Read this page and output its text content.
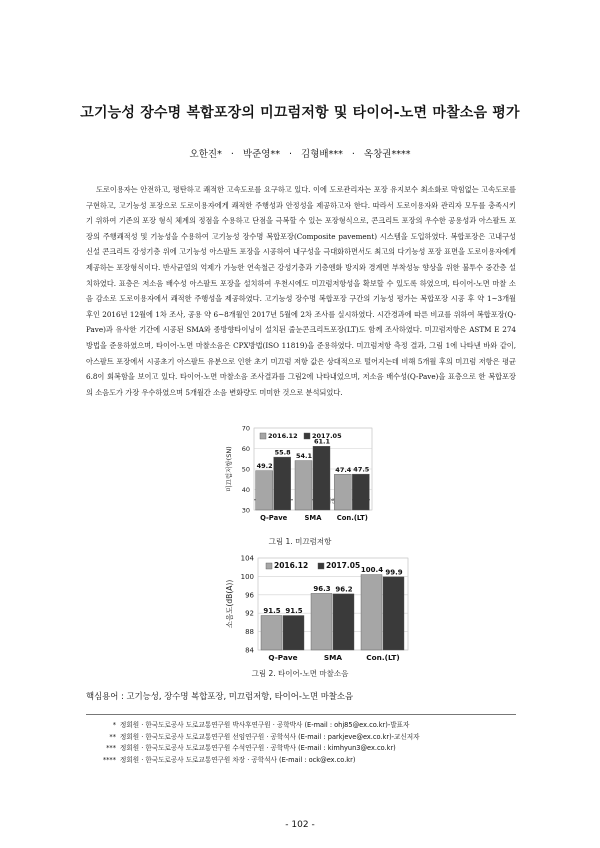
고기능성 장수명 복합포장의 미끄럼저항 및 타이어-노면 마찰소음 평가
오한진* · 박준영** · 김형배*** · 옥창권****
도로이용자는 안전하고, 평탄하고 쾌적한 고속도로를 요구하고 있다. 이에 도로관리자는 포장 유지보수 최소화로 막힘없는 고속도로를 구현하고, 고기능성 포장으로 도로이용자에게 쾌적한 주행성과 안정성을 제공하고자 한다. 따라서 도로이용자와 관리자 모두를 충족시키기 위하여 기존의 포장 형식 체계의 정점을 수용하고 단점을 극복할 수 있는 포장형식으로, 콘크리트 포장의 우수한 공용성과 아스팔트 포장의 주행쾌적성 및 기능성을 수용하여 고기능성 장수명 복합포장(Composite pavement) 시스템을 도입하였다. 복합포장은 고내구성 신설 콘크리트 강성기층 위에 고기능성 아스팔트 포장을 시공하여 내구성을 극대화하면서도 최고의 다기능성 포장 표면을 도로이용자에게 제공하는 포장형식이다. 반사균열의 억제가 가능한 연속철근 강성기층과 기층엔화 방지와 경계면 부착성능 향상을 위한 불투수 중간층 설치하였다. 표층은 저소음 배수성 아스팔트 포장을 설치하여 우천시에도 미끄럼저항성을 확보할 수 있도록 하였으며, 타이어-노면 마찰 소음 감소로 도로이용자에서 쾌적한 주행성을 제공하였다. 고기능성 장수명 복합포장 구간의 기능성 평가는 복합포장 시공 후 약 1~3개월 후인 2016년 12월에 1차 조사, 공용 약 6~8개월인 2017년 5월에 2차 조사를 실시하였다. 시간경과에 따른 비교를 위하여 복합포장(Q-Pave)과 유사한 기간에 시공된 SMA와 종방향타이닝이 설치된 줄눈콘크리트포장(LT)도 함께 조사하였다. 미끄럼저항은 ASTM E 274 방법을 준용하였으며, 타이어-노면 마찰소음은 CPX방법(ISO 11819)을 준용하였다. 미끄럼저항 측정 결과, 그림 1에 나타낸 바와 같이, 아스팔트 포장에서 시공초기 아스팔트 유분으로 인한 초기 미끄럼 저항 값은 상대적으로 떨어지는데 비해 5개월 후의 미끄럼 저항은 평균 6.8이 회복함을 보이고 있다. 타이어-노면 마찰소음 조사결과를 그림2에 나타내었으며, 저소음 배수성(Q-Pave)을 표층으로 한 복합포장의 소음도가 가장 우수하였으며 5개월간 소음 변화량도 미미한 것으로 분석되었다.
30
40
50
60
70
미끄럼저항(SN)
기준
49.2
55.8
Q-Pave
54.1
61.1
SMA
47.4 47.5
Con.(LT)
2016.12 2017.05
그림 1. 미끄럼저항
84
88
92
96
100
104
소음도(dB(A))	91.5 91.5
Q-Pave
96.3 96.2
SMA
100.4 99.9
Con.(LT)
2016.12 2017.05
그림 2. 타이어-노면 마찰소음
핵심용어 : 고기능성, 장수명 복합포장, 미끄럼저항, 타이어-노면 마찰소음
* 정회원 · 한국도로공사 도로교통연구원 박사후연구원 · 공학박사 (E-mail : ohj85@ex.co.kr)-발표자
** 정회원 · 한국도로공사 도로교통연구원 선임연구원 · 공학석사 (E-mail : parkjeve@ex.co.kr)-교신저자
*** 정회원 · 한국도로공사 도로교통연구원 수석연구원 · 공학박사 (E-mail : kimhyun3@ex.co.kr)
**** 정회원 · 한국도로공사 도로교통연구원 차장 · 공학석사 (E-mail : ock@ex.co.kr)
- 102 -
